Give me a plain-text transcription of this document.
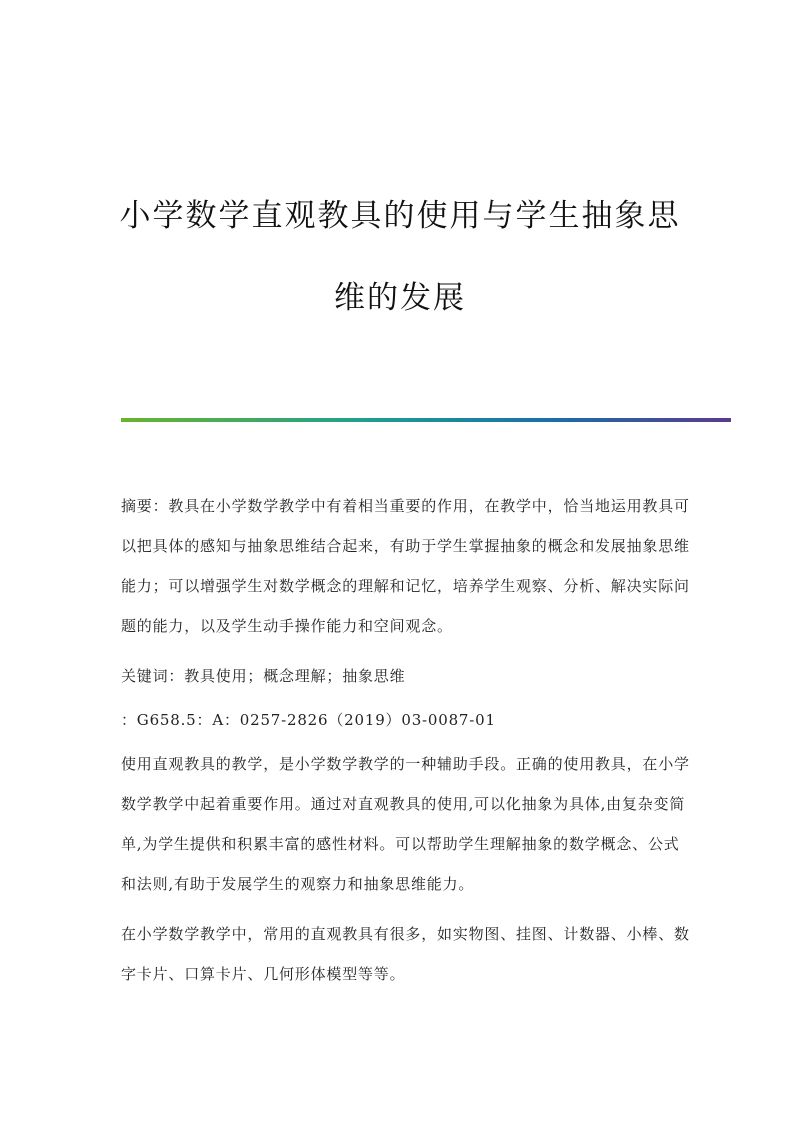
小学数学直观教具的使用与学生抽象思
维的发展

摘要：教具在小学数学教学中有着相当重要的作用，在教学中，恰当地运用教具可以把具体的感知与抽象思维结合起来，有助于学生掌握抽象的概念和发展抽象思维能力；可以增强学生对数学概念的理解和记忆，培养学生观察、分析、解决实际问题的能力，以及学生动手操作能力和空间观念。

关键词：教具使用；概念理解；抽象思维

：G658.5：A：0257-2826（2019）03-0087-01

使用直观教具的教学，是小学数学教学的一种辅助手段。正确的使用教具，在小学数学教学中起着重要作用。通过对直观教具的使用,可以化抽象为具体,由复杂变简单,为学生提供和积累丰富的感性材料。可以帮助学生理解抽象的数学概念、公式和法则,有助于发展学生的观察力和抽象思维能力。

在小学数学教学中，常用的直观教具有很多，如实物图、挂图、计数器、小棒、数字卡片、口算卡片、几何形体模型等等。
